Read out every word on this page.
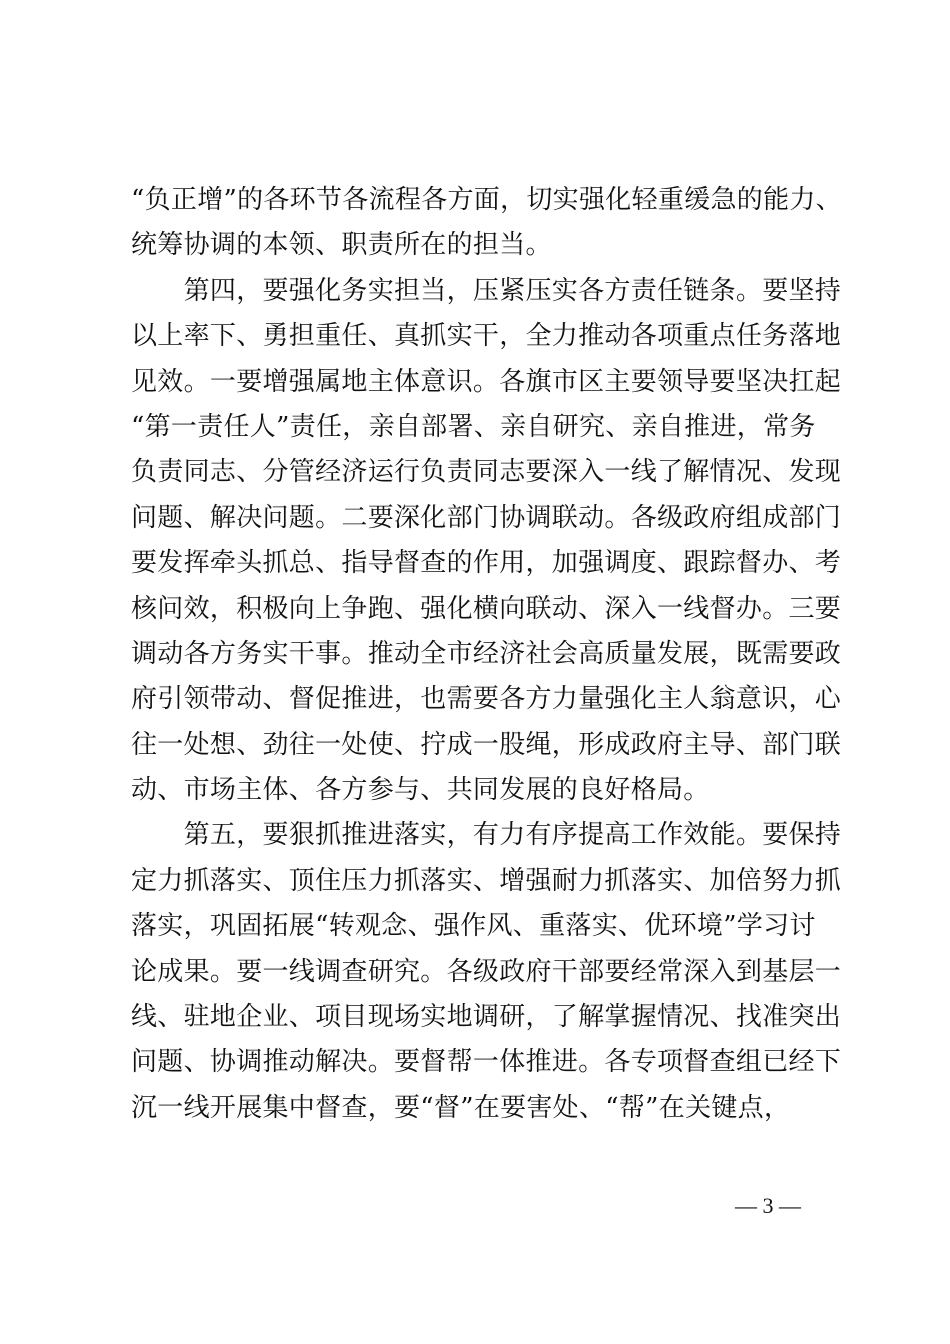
“负正增”的各环节各流程各方面，切实强化轻重缓急的能力、
统筹协调的本领、职责所在的担当。
　　第四，要强化务实担当，压紧压实各方责任链条。要坚持
以上率下、勇担重任、真抓实干，全力推动各项重点任务落地
见效。一要增强属地主体意识。各旗市区主要领导要坚决扛起
“第一责任人”责任，亲自部署、亲自研究、亲自推进，常务
负责同志、分管经济运行负责同志要深入一线了解情况、发现
问题、解决问题。二要深化部门协调联动。各级政府组成部门
要发挥牵头抓总、指导督查的作用，加强调度、跟踪督办、考
核问效，积极向上争跑、强化横向联动、深入一线督办。三要
调动各方务实干事。推动全市经济社会高质量发展，既需要政
府引领带动、督促推进，也需要各方力量强化主人翁意识，心
往一处想、劲往一处使、拧成一股绳，形成政府主导、部门联
动、市场主体、各方参与、共同发展的良好格局。
　　第五，要狠抓推进落实，有力有序提高工作效能。要保持
定力抓落实、顶住压力抓落实、增强耐力抓落实、加倍努力抓
落实，巩固拓展“转观念、强作风、重落实、优环境”学习讨
论成果。要一线调查研究。各级政府干部要经常深入到基层一
线、驻地企业、项目现场实地调研，了解掌握情况、找准突出
问题、协调推动解决。要督帮一体推进。各专项督查组已经下
沉一线开展集中督查，要“督”在要害处、“帮”在关键点，
— 3 —
